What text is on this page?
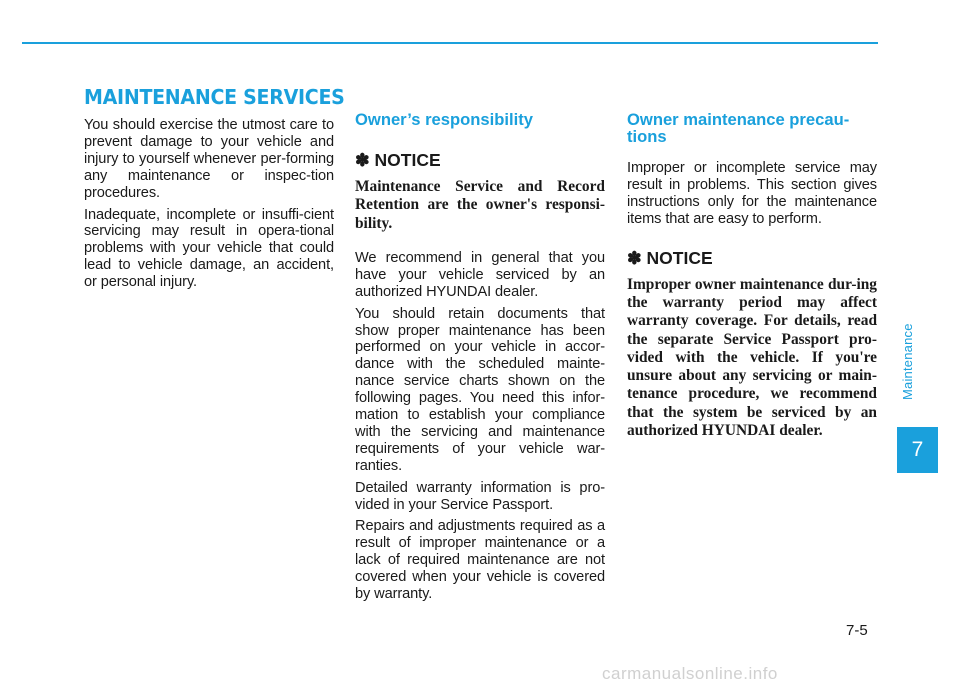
MAINTENANCE SERVICES

You should exercise the utmost care to prevent damage to your vehicle and injury to yourself whenever per-forming any maintenance or inspec-tion procedures.

Inadequate, incomplete or insuffi-cient servicing may result in opera-tional problems with your vehicle that could lead to vehicle damage, an accident, or personal injury.

Owner’s responsibility
✽ NOTICE

Maintenance Service and Record Retention are the owner's responsi-bility.

We recommend in general that you have your vehicle serviced by an authorized HYUNDAI dealer.

You should retain documents that show proper maintenance has been performed on your vehicle in accor-dance with the scheduled mainte-nance service charts shown on the following pages. You need this infor-mation to establish your compliance with the servicing and maintenance requirements of your vehicle war-ranties.

Detailed warranty information is pro-vided in your Service Passport.

Repairs and adjustments required as a result of improper maintenance or a lack of required maintenance are not covered when your vehicle is covered by warranty.

Owner maintenance precau-tions

Improper or incomplete service may result in problems. This section gives instructions only for the maintenance items that are easy to perform.

✽ NOTICE

Improper owner maintenance dur-ing the warranty period may affect warranty coverage. For details, read the separate Service Passport pro-vided with the vehicle. If you're unsure about any servicing or main-tenance procedure, we recommend that the system be serviced by an authorized HYUNDAI dealer.

Maintenance
7
7-5
carmanualsonline.info
